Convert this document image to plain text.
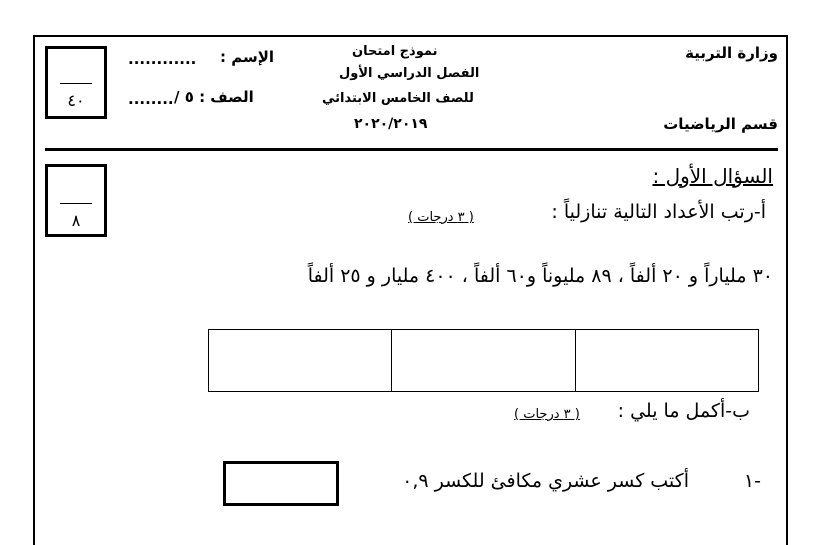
وزارة التربية
قسم الرياضيات
نموذج امتحان
الفصل الدراسي الأول
للصف الخامس الابتدائي
٢٠٢٠/٢٠١٩
الإسم :
............
الصف : ٥ /
........
٤٠
٨
السؤال الأول :
أ-رتب الأعداد التالية تنازلياً :
( ٣ درجات )
٣٠ ملياراً و ٢٠ ألفاً ، ٨٩ مليوناً و٦٠ ألفاً ، ٤٠٠ مليار و ٢٥ ألفاً

ب-أكمل ما يلي :
( ٣ درجات )
١-
أكتب كسر عشري مكافئ للكسر ٠,٩
